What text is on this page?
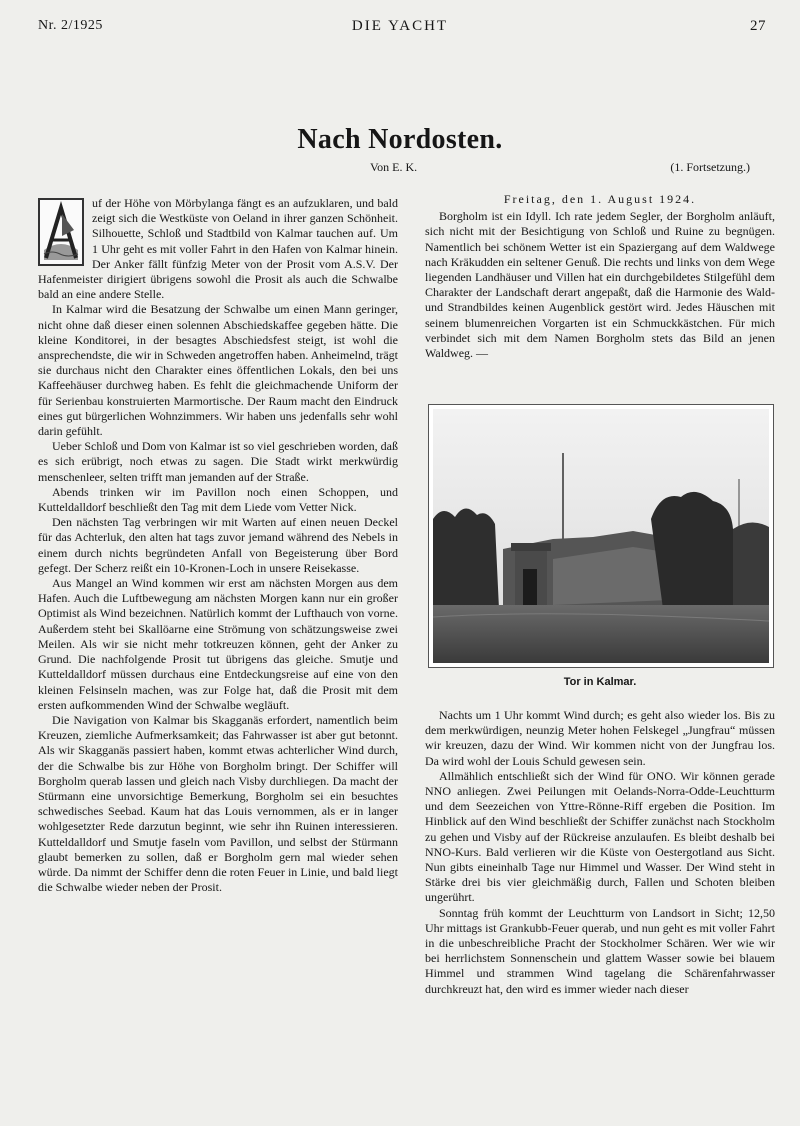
DIE YACHT
Nr. 2/1925	27
Nach Nordosten.
Von E. K.	(1. Fortsetzung.)

uf der Höhe von Mörbylanga fängt es an aufzuklaren, und bald zeigt sich die Westküste von Oeland in ihrer ganzen Schönheit. Silhouette, Schloß und Stadtbild von Kalmar tauchen auf. Um 1 Uhr geht es mit voller Fahrt in den Hafen von Kalmar hinein. Der Anker fällt fünfzig Meter von der Prosit vom A.S.V. Der Hafenmeister dirigiert übrigens sowohl die Prosit als auch die Schwalbe bald an eine andere Stelle.

In Kalmar wird die Besatzung der Schwalbe um einen Mann geringer, nicht ohne daß dieser einen solennen Abschiedskaffee gegeben hätte. Die kleine Konditorei, in der besagtes Abschiedsfest steigt, ist wohl die ansprechendste, die wir in Schweden angetroffen haben. Anheimelnd, trägt sie durchaus nicht den Charakter eines öffentlichen Lokals, den bei uns Kaffeehäuser durchweg haben. Es fehlt die gleichmachende Uniform der für Serienbau konstruierten Marmortische. Der Raum macht den Eindruck eines gut bürgerlichen Wohnzimmers. Wir haben uns jedenfalls sehr wohl darin gefühlt.

Ueber Schloß und Dom von Kalmar ist so viel geschrieben worden, daß es sich erübrigt, noch etwas zu sagen. Die Stadt wirkt merkwürdig menschenleer, selten trifft man jemanden auf der Straße.

Abends trinken wir im Pavillon noch einen Schoppen, und Kutteldalldorf beschließt den Tag mit dem Liede vom Vetter Nick.

Den nächsten Tag verbringen wir mit Warten auf einen neuen Deckel für das Achterluk, den alten hat tags zuvor jemand während des Nebels in einem durch nichts begründeten Anfall von Begeisterung über Bord gefegt. Der Scherz reißt ein 10-Kronen-Loch in unsere Reisekasse.

Aus Mangel an Wind kommen wir erst am nächsten Morgen aus dem Hafen. Auch die Luftbewegung am nächsten Morgen kann nur ein großer Optimist als Wind bezeichnen. Natürlich kommt der Lufthauch von vorne. Außerdem steht bei Skallöarne eine Strömung von schätzungsweise zwei Meilen. Als wir sie nicht mehr totkreuzen können, geht der Anker zu Grund. Die nachfolgende Prosit tut übrigens das gleiche. Smutje und Kutteldalldorf müssen durchaus eine Entdeckungsreise auf eine von den kleinen Felsinseln machen, was zur Folge hat, daß die Prosit mit dem ersten aufkommenden Wind der Schwalbe wegläuft.

Die Navigation von Kalmar bis Skagganäs erfordert, namentlich beim Kreuzen, ziemliche Aufmerksamkeit; das Fahrwasser ist aber gut betonnt. Als wir Skagganäs passiert haben, kommt etwas achterlicher Wind durch, der die Schwalbe bis zur Höhe von Borgholm bringt. Der Schiffer will Borgholm querab lassen und gleich nach Visby durchliegen. Da macht der Stürmann eine unvorsichtige Bemerkung, Borgholm sei ein besuchtes schwedisches Seebad. Kaum hat das Louis vernommen, als er in langer wohlgesetzter Rede darzutun beginnt, wie sehr ihn Ruinen interessieren. Kutteldalldorf und Smutje faseln vom Pavillon, und selbst der Stürmann glaubt bemerken zu sollen, daß er Borgholm gern mal wieder sehen würde. Da nimmt der Schiffer denn die roten Feuer in Linie, und bald liegt die Schwalbe wieder neben der Prosit.

Freitag, den 1. August 1924.

Borgholm ist ein Idyll. Ich rate jedem Segler, der Borgholm anläuft, sich nicht mit der Besichtigung von Schloß und Ruine zu begnügen. Namentlich bei schönem Wetter ist ein Spaziergang auf dem Waldwege nach Kräkudden ein seltener Genuß. Die rechts und links von dem Wege liegenden Landhäuser und Villen hat ein durchgebildetes Stilgefühl dem Charakter der Landschaft derart angepaßt, daß die Harmonie des Wald- und Strandbildes keinen Augenblick gestört wird. Jedes Häuschen mit seinem blumenreichen Vorgarten ist ein Schmuckkästchen. Für mich verbindet sich mit dem Namen Borgholm stets das Bild an jenen Waldweg. —

Tor in Kalmar.

Nachts um 1 Uhr kommt Wind durch; es geht also wieder los. Bis zu dem merkwürdigen, neunzig Meter hohen Felskegel „Jungfrau“ müssen wir kreuzen, dazu der Wind. Wir kommen nicht von der Jungfrau los. Da wird wohl der Louis Schuld gewesen sein.

Allmählich entschließt sich der Wind für ONO. Wir können gerade NNO anliegen. Zwei Peilungen mit Oelands-Norra-Odde-Leuchtturm und dem Seezeichen von Yttre-Rönne-Riff ergeben die Position. Im Hinblick auf den Wind beschließt der Schiffer zunächst nach Stockholm zu gehen und Visby auf der Rückreise anzulaufen. Es bleibt deshalb bei NNO-Kurs. Bald verlieren wir die Küste von Oestergotland aus Sicht. Nun gibts eineinhalb Tage nur Himmel und Wasser. Der Wind steht in Stärke drei bis vier gleichmäßig durch, Fallen und Schoten bleiben ungerührt.

Sonntag früh kommt der Leuchtturm von Landsort in Sicht; 12,50 Uhr mittags ist Grankubb-Feuer querab, und nun geht es mit voller Fahrt in die unbeschreibliche Pracht der Stockholmer Schären. Wer wie wir bei herrlichstem Sonnenschein und glattem Wasser sowie bei blauem Himmel und strammen Wind tagelang die Schärenfahrwasser durchkreuzt hat, den wird es immer wieder nach dieser
